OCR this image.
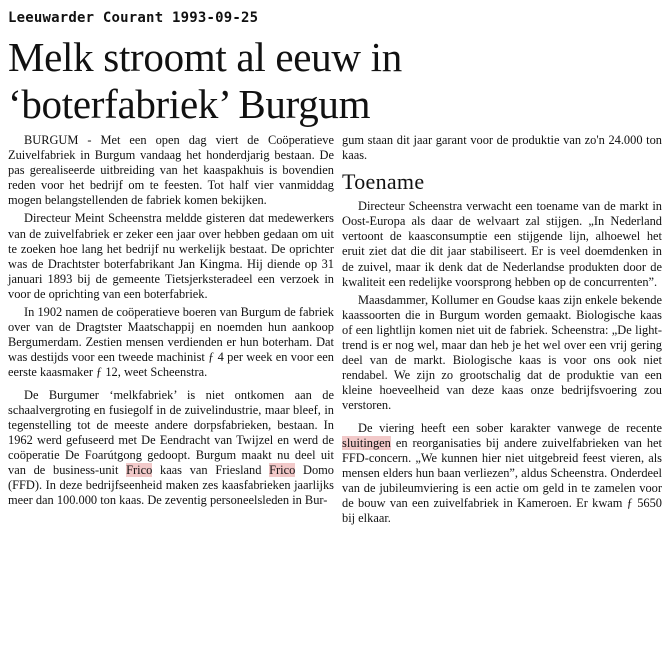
Leeuwarder Courant 1993-09-25
Melk stroomt al eeuw in
‘boterfabriek’ Burgum

BURGUM - Met een open dag viert de Coöperatieve Zuivelfabriek in Burgum vandaag het honderdjarig bestaan. De pas gerealiseerde uitbreiding van het kaaspakhuis is bovendien reden voor het bedrijf om te feesten. Tot half vier vanmiddag mogen belangstellenden de fabriek komen bekijken.

Directeur Meint Scheenstra meldde gisteren dat medewerkers van de zuivelfabriek er zeker een jaar over hebben gedaan om uit te zoeken hoe lang het bedrijf nu werkelijk bestaat. De oprichter was de Drachtster boterfabrikant Jan Kingma. Hij diende op 31 januari 1893 bij de gemeente Tietsjerksteradeel een verzoek in voor de oprichting van een boterfabriek.

In 1902 namen de coöperatieve boeren van Burgum de fabriek over van de Dragtster Maatschappij en noemden hun aankoop Bergumerdam. Zestien mensen verdienden er hun boterham. Dat was destijds voor een tweede machinist ƒ 4 per week en voor een eerste kaasmaker ƒ 12, weet Scheenstra.

De Burgumer ‘melkfabriek’ is niet ontkomen aan de schaalvergroting en fusiegolf in de zuivelindustrie, maar bleef, in tegenstelling tot de meeste andere dorpsfabrieken, bestaan. In 1962 werd gefuseerd met De Eendracht van Twijzel en werd de coöperatie De Foarútgong gedoopt. Burgum maakt nu deel uit van de business-unit Frico kaas van Friesland Frico Domo (FFD). In deze bedrijfseenheid maken zes kaasfabrieken jaarlijks meer dan 100.000 ton kaas. De zeventig personeelsleden in Bur-

gum staan dit jaar garant voor de produktie van zo'n 24.000 ton kaas.

Toename

Directeur Scheenstra verwacht een toename van de markt in Oost-Europa als daar de welvaart zal stijgen. „In Nederland vertoont de kaasconsumptie een stijgende lijn, alhoewel het eruit ziet dat die dit jaar stabiliseert. Er is veel doemdenken in de zuivel, maar ik denk dat de Nederlandse produkten door de kwaliteit een redelijke voorsprong hebben op de concurrenten”.

Maasdammer, Kollumer en Goudse kaas zijn enkele bekende kaassoorten die in Burgum worden gemaakt. Biologische kaas of een lightlijn komen niet uit de fabriek. Scheenstra: „De light-trend is er nog wel, maar dan heb je het wel over een vrij gering deel van de markt. Biologische kaas is voor ons ook niet rendabel. We zijn zo grootschalig dat de produktie van een kleine hoeveelheid van deze kaas onze bedrijfsvoering zou verstoren.

De viering heeft een sober karakter vanwege de recente sluitingen en reorganisaties bij andere zuivelfabrieken van het FFD-concern. „We kunnen hier niet uitgebreid feest vieren, als mensen elders hun baan verliezen”, aldus Scheenstra. Onderdeel van de jubileumviering is een actie om geld in te zamelen voor de bouw van een zuivelfabriek in Kameroen. Er kwam ƒ 5650 bij elkaar.
